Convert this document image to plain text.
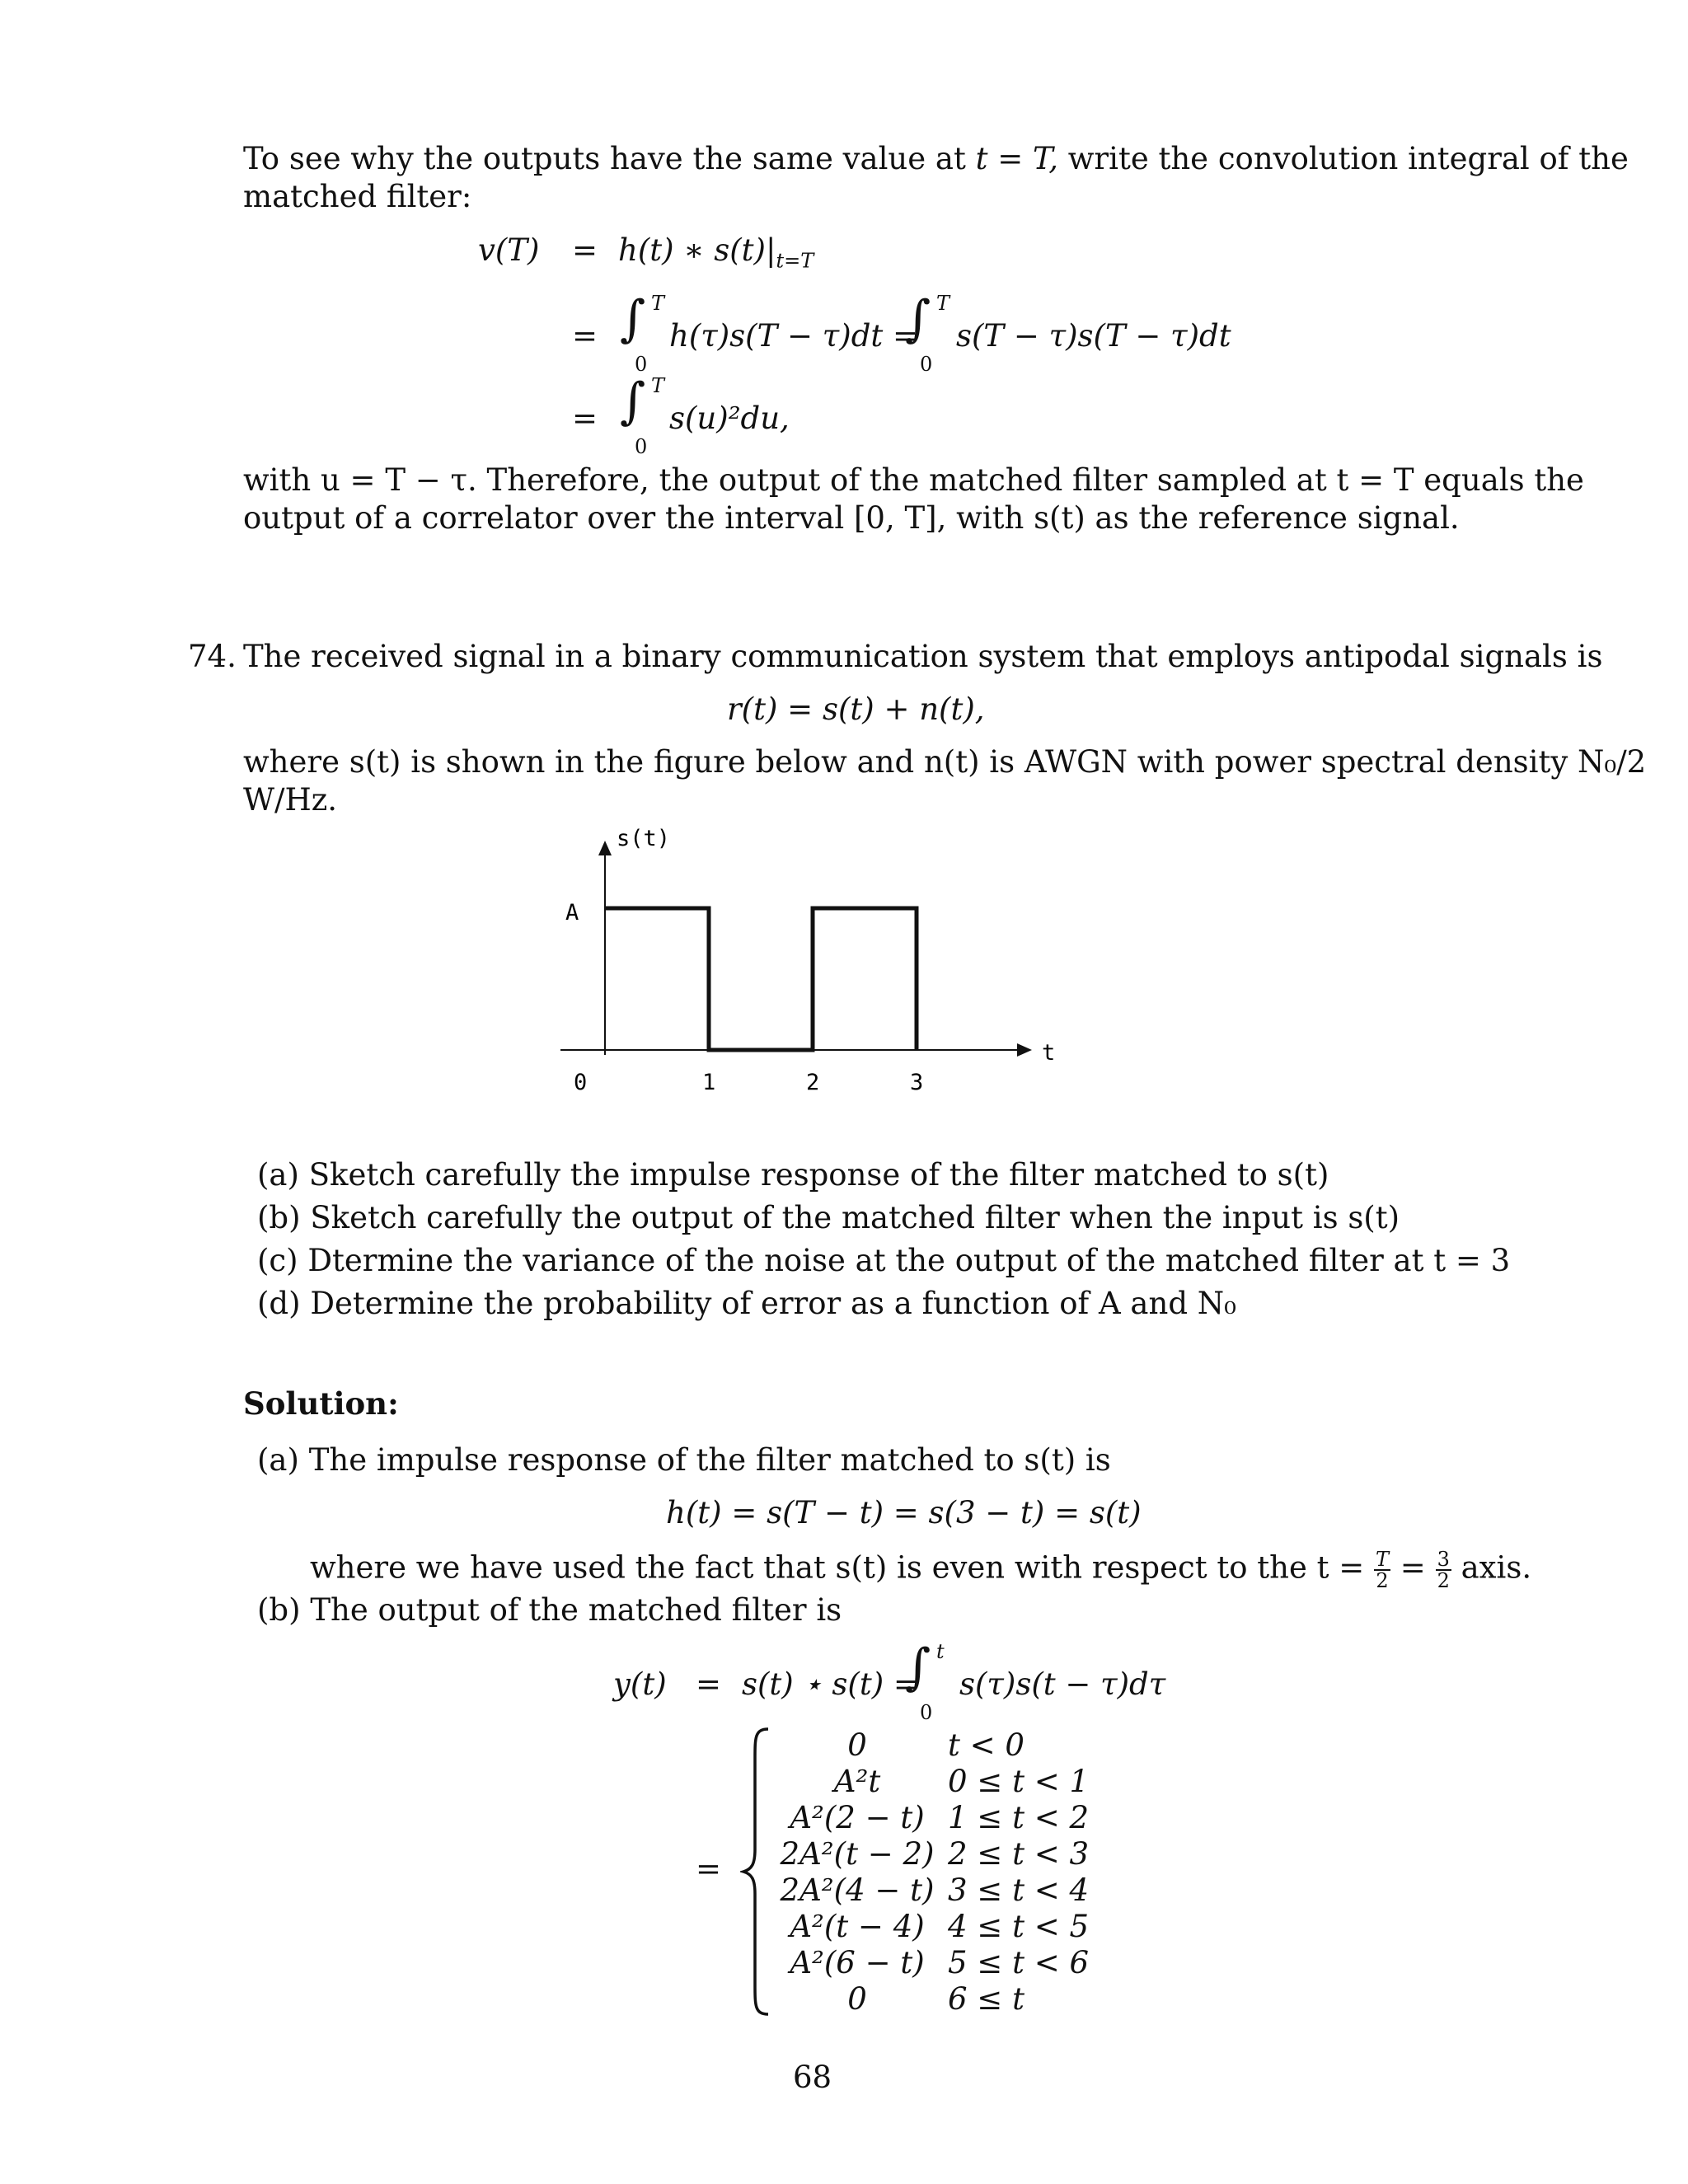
To see why the outputs have the same value at t = T, write the convolution integral of the
matched filter:
v(T) = h(t) ∗ $s(t)|_{t=T}$
= ∫ T
0
h(τ)s(T − τ)dt =
∫ T
0
s(T − τ)s(T − τ)dt
= ∫ T
0
s(u)²du,
with u = T − τ. Therefore, the output of the matched filter sampled at t = T equals the
output of a correlator over the interval [0, T], with s(t) as the reference signal.
74. The received signal in a binary communication system that employs antipodal signals is
r(t) = s(t) + n(t),
where s(t) is shown in the figure below and n(t) is AWGN with power spectral density N₀/2
W/Hz.
s(t)
A
t
0	1	2	3
(a) Sketch carefully the impulse response of the filter matched to s(t)
(b) Sketch carefully the output of the matched filter when the input is s(t)
(c) Dtermine the variance of the noise at the output of the matched filter at t = 3
(d) Determine the probability of error as a function of A and N₀
Solution:
(a) The impulse response of the filter matched to s(t) is
h(t) = s(T − t) = s(3 − t) = s(t)
where we have used the fact that s(t) is even with respect to the $t = \frac{T}{2} = \frac{3}{2}$ axis.
(b) The output of the matched filter is
y(t) = s(t) ⋆ s(t) =
∫ t
0
s(τ)s(t − τ)dτ
=
0	t < 0
A²t	0 ≤ t < 1
A²(2 − t) 1 ≤ t < 2
2A²(t − 2) 2 ≤ t < 3
2A²(4 − t) 3 ≤ t < 4
A²(t − 4) 4 ≤ t < 5
A²(6 − t) 5 ≤ t < 6
0	6 ≤ t
68
